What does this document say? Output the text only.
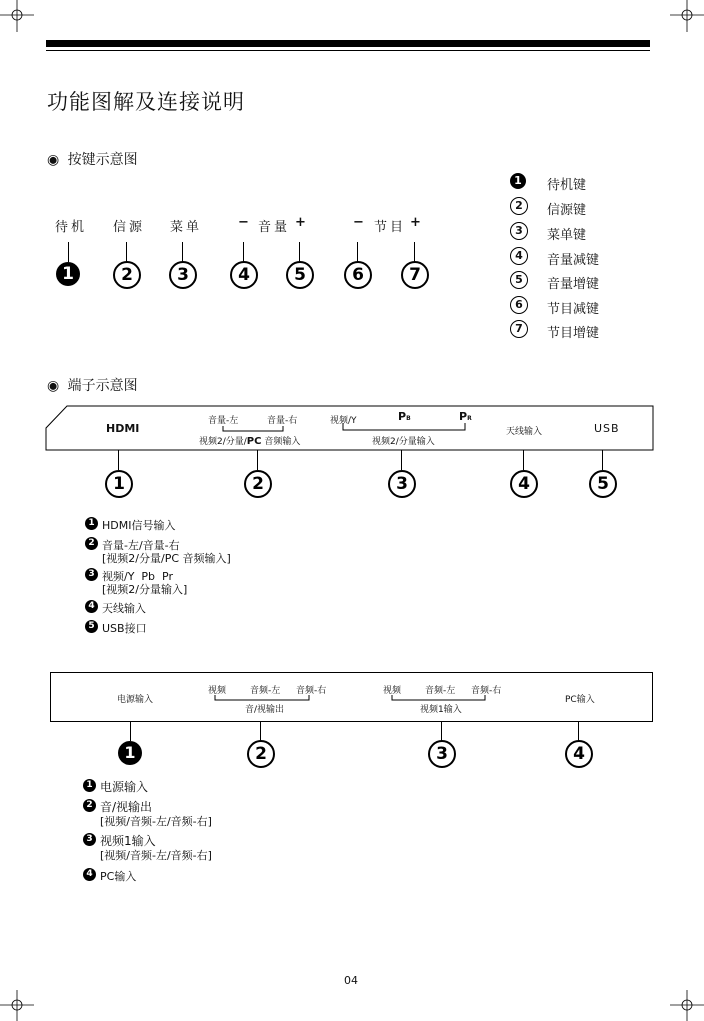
功能图解及连接说明
◉ 按键示意图
待机 信源 菜单	− 音量 +	− 节目 +
1	2	3	4	5	6	7
1	待机键
2	信源键
3	菜单键
4	音量减键
5	音量增键
6	节目减键
7	节目增键
◉ 端子示意图
HDMI
音量-左	音量-右
视频2/分量/PC 音频输入
视频/Y	PB	PR
视频2/分量输入
天线输入	USB
1	2	3	4	5
1 HDMI信号输入
2 音量-左/音量-右
[视频2/分量/PC 音频输入]
3 视频/Y  Pb  Pr
[视频2/分量输入]
4 天线输入
5 USB接口
电源输入
视频	音频-左 音频-右
音/视输出
视频	音频-左 音频-右
视频1输入
PC输入
1	2	3	4
1 电源输入
2 音/视输出
[视频/音频-左/音频-右]
3 视频1输入
[视频/音频-左/音频-右]
4 PC输入
04
